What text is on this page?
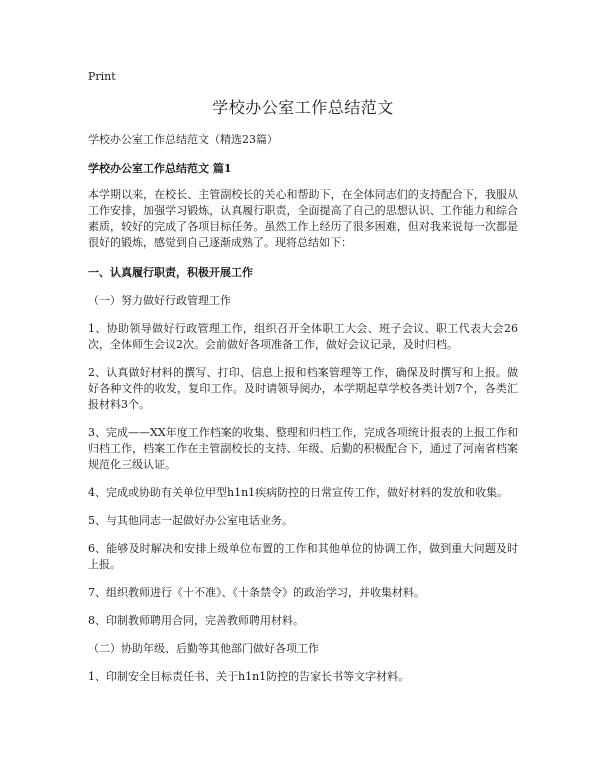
Print
学校办公室工作总结范文

学校办公室工作总结范文（精选23篇）

学校办公室工作总结范文 篇1

本学期以来，在校长、主管副校长的关心和帮助下，在全体同志们的支持配合下，我服从工作安排，加强学习锻炼，认真履行职责，全面提高了自己的思想认识、工作能力和综合素质，较好的完成了各项目标任务。虽然工作上经历了很多困难，但对我来说每一次都是很好的锻炼，感觉到自己逐渐成熟了。现将总结如下：

一、认真履行职责，积极开展工作

（一）努力做好行政管理工作

1、协助领导做好行政管理工作，组织召开全体职工大会、班子会议、职工代表大会26次，全体师生会议2次。会前做好各项准备工作，做好会议记录，及时归档。

2、认真做好材料的撰写、打印、信息上报和档案管理等工作，确保及时撰写和上报。做好各种文件的收发，复印工作。及时请领导阅办，本学期起草学校各类计划7个，各类汇报材料3个。

3、完成——XX年度工作档案的收集、整理和归档工作，完成各项统计报表的上报工作和归档工作，档案工作在主管副校长的支持、年级、后勤的积极配合下，通过了河南省档案规范化三级认证。

4、完成或协助有关单位甲型h1n1疾病防控的日常宣传工作，做好材料的发放和收集。

5、与其他同志一起做好办公室电话业务。

6、能够及时解决和安排上级单位布置的工作和其他单位的协调工作，做到重大问题及时上报。

7、组织教师进行《十不准》、《十条禁令》的政治学习，并收集材料。

8、印制教师聘用合同，完善教师聘用材料。

（二）协助年级、后勤等其他部门做好各项工作

1、印制安全目标责任书、关于h1n1防控的告家长书等文字材料。
